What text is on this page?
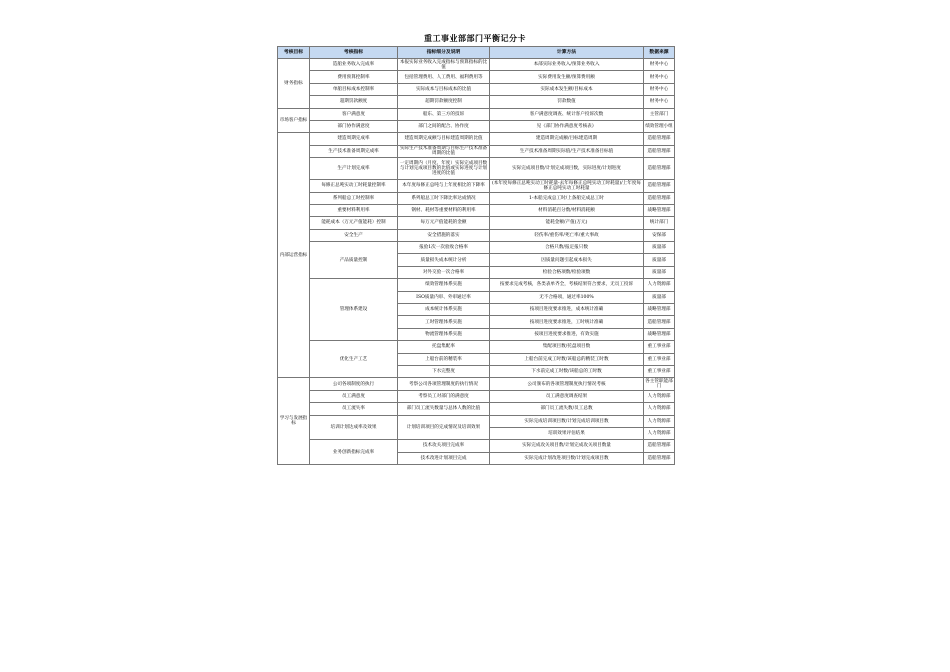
重工事业部部门平衡记分卡
考核目标	考核指标	指标细分及说明	计算方法	数据来源
财务指标	造船业务收入完成率	本报实际业务收入完成指标与预算指标的比值	本部实际业务收入/预算业务收入	财务中心
	费用预算控制率	包括管理费用、人工费用、福利费用等	实际费用发生额/预算费用额	财务中心
	单船目标成本控制率	实际成本与目标成本的比值	实际成本发生额/目标成本	财务中心
	超期罚款额度	超期罚款额度控制	罚款数值	财务中心
市场客户指标	客户满意度	船东、第三方的技诉	客户满意度调查、统计客户投诉次数	主管部门
	部门协作满意度	部门之间的配合、协作度	见《部门协作满意度考核表》	绩效管理小组
内部运营指标	建造周期完成率	建造周期完成额与目标建造周期的比值	建造周期完成额/目标建造周期	造船管理部
	生产技术准备周期完成率	实际生产技术准备周期与目标生产技术准备周期的比值	生产技术准备周期实际值/生产技术准备目标值	造船管理部
	生产计划完成率	一定周期内（月度、年度）实际完成项目数与计划完成项目数的比值或实际进度与计划进度的比值	实际完成项目数/计划完成项目数，实际进度/计划进度	造船管理部
	每修正总吨实动工时耗量控制率	本年度每修正总吨与上年度相比的下降率	(本年度每修正总吨实动工时耗量-去年每修正总吨实动工时耗量)/上年度每修正总吨实动工时耗量	造船管理部
	系列船总工时控制率	系列船总工时下降比率达成情况	1-本船完成总工时/上条船完成总工时	造船管理部
	重要材料利用率	钢材、耗材等重要材料的利用率	材料消耗百分数/材料消耗额	战略管理部
	能耗成本（万元产值能耗）控制	每万元产值能耗的金额	能耗金额/产值(万元)	统计部门
	安全生产	安全措施的落实	轻伤率/重伤率/死亡率/重大事故	安保部
	产品质量控制	报验1次一次验收合格率	合格只数/报定报只数	质量部
		质量损失成本统计分析	因质量问题引起成本损失	质量部
		对外交验一次合格率	检验合格项数/检验项数	质量部
	管理体系建设	绩效管理体系实施	按要求完成考核，各类表单齐全，考核结果符合要求，无员工投诉	人力资源部
		ISO质量内审、外审通过率	无不合格项，通过率100%	质量部
		成本统计体系实施	按项目进度要求推进，成本统计准确	战略管理部
		工时管理体系实施	按项目进度要求推进，工时统计准确	造船管理部
		物流管理体系实施	按项目进度要求推进，有效实施	战略管理部
	优化生产工艺	托盘集配率	集配项目数/托盘项目数	重工事业部
		上船台前的精装率	上船台前完成工时数/该船总的精装工时数	重工事业部
		下水完整度	下水前完成工时数/该船总的工时数	重工事业部
学习与发展指标	公司各项制度的执行	考察公司各项管理制度的执行情况	公司颁布的各项管理制度执行情况考核	各主管职能部门
	员工满意度	考察员工对部门的满意度	员工满意度调查结果	人力资源部
	员工流失率	部门员工流失数量与总体人数的比值	部门员工流失数/员工总数	人力资源部
	培训计划达成率及效果	计划培训项目的完成情况及培训效果	实际完成培训项目数/计划完成培训项目数	人力资源部
			培训效果评估结果	人力资源部
	业务创新指标完成率	技术攻关项目完成率	实际完成攻关项目数/计划完成攻关项目数量	造船管理部
		技术改进计划项目完成	实际完成计划改进项目数/计划完成项目数	造船管理部
